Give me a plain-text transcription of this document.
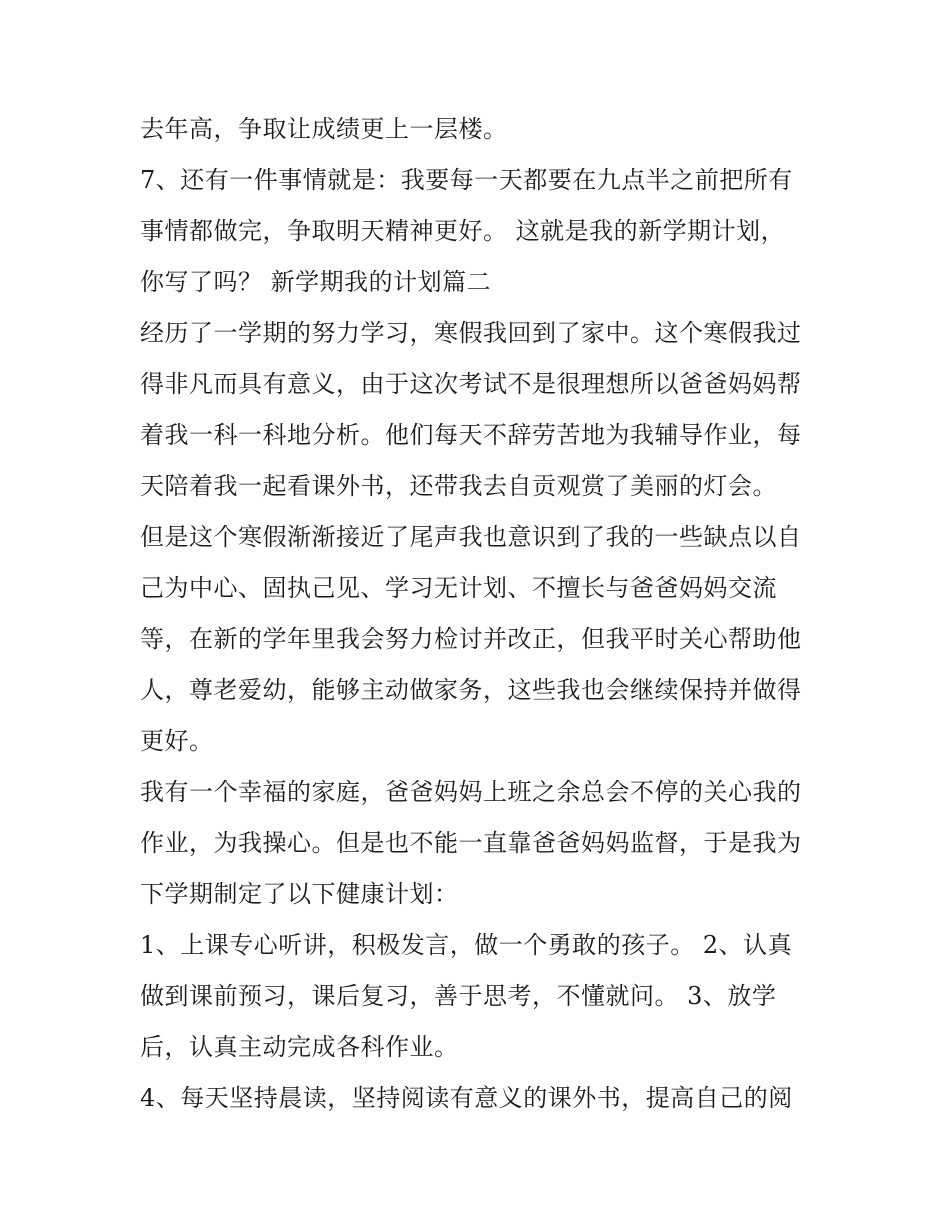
去年高，争取让成绩更上一层楼。
7、还有一件事情就是：我要每一天都要在九点半之前把所有
事情都做完，争取明天精神更好。 这就是我的新学期计划，
你写了吗？ 新学期我的计划篇二
经历了一学期的努力学习，寒假我回到了家中。这个寒假我过
得非凡而具有意义，由于这次考试不是很理想所以爸爸妈妈帮
着我一科一科地分析。他们每天不辞劳苦地为我辅导作业，每
天陪着我一起看课外书，还带我去自贡观赏了美丽的灯会。
但是这个寒假渐渐接近了尾声我也意识到了我的一些缺点以自
己为中心、固执己见、学习无计划、不擅长与爸爸妈妈交流
等，在新的学年里我会努力检讨并改正，但我平时关心帮助他
人，尊老爱幼，能够主动做家务，这些我也会继续保持并做得
更好。
我有一个幸福的家庭，爸爸妈妈上班之余总会不停的关心我的
作业，为我操心。但是也不能一直靠爸爸妈妈监督，于是我为
下学期制定了以下健康计划：
1、上课专心听讲，积极发言，做一个勇敢的孩子。 2、认真
做到课前预习，课后复习，善于思考，不懂就问。 3、放学
后，认真主动完成各科作业。
4、每天坚持晨读，坚持阅读有意义的课外书，提高自己的阅
